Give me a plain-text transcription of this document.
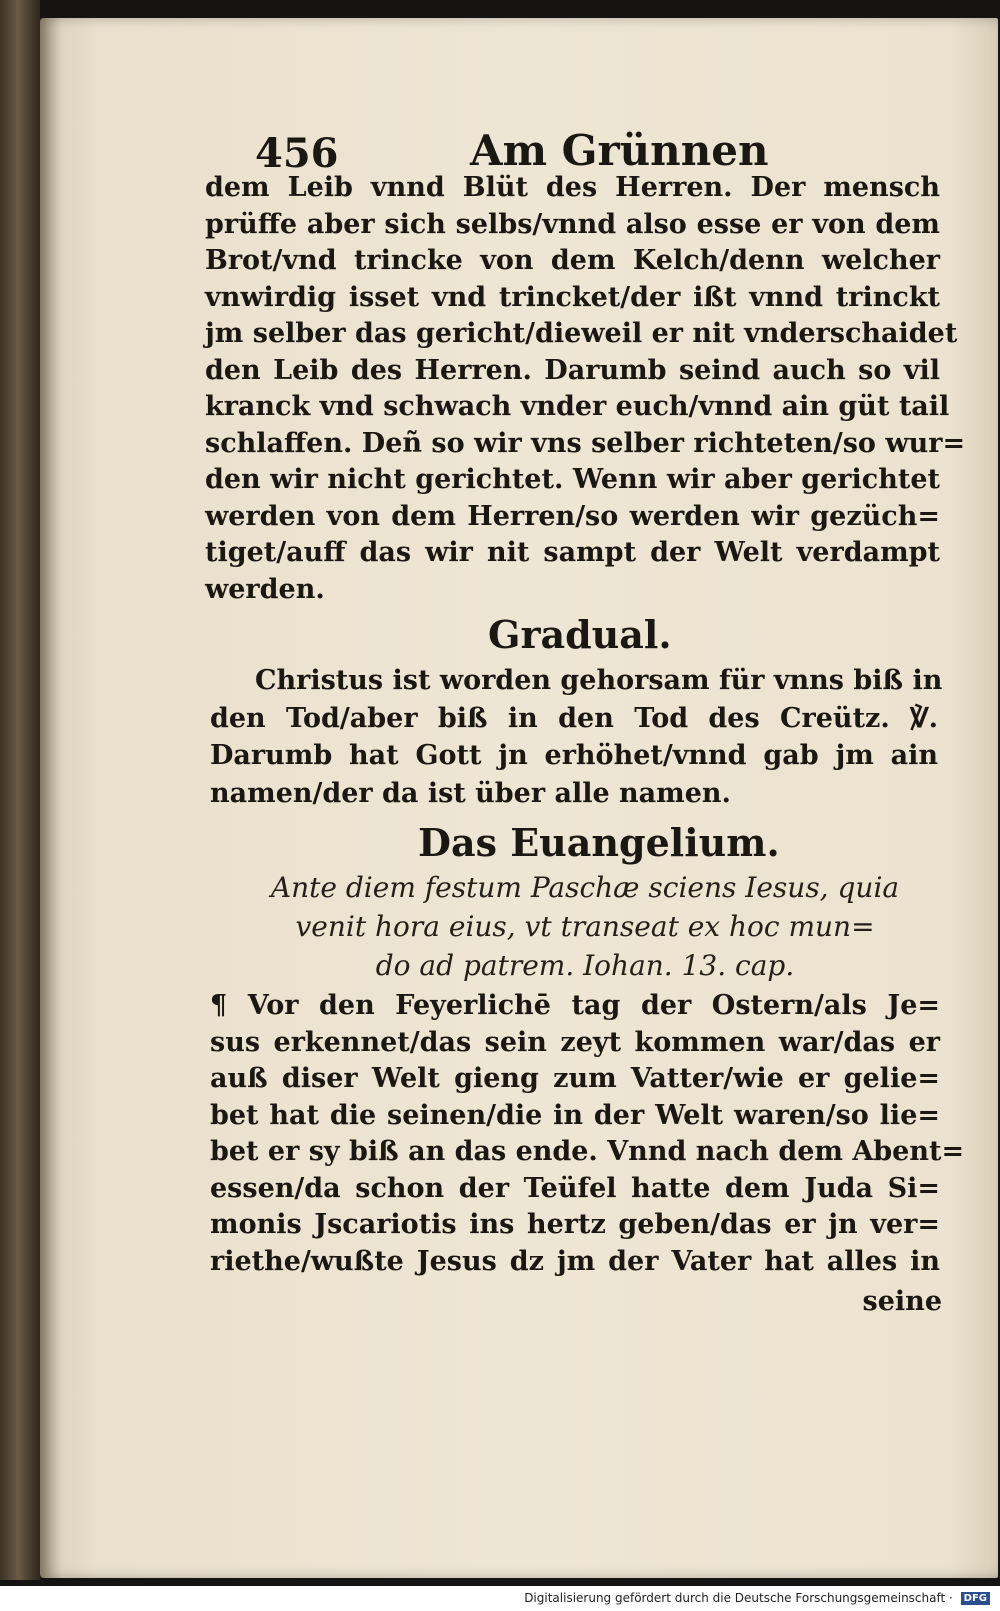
456	Am Grünnen

dem Leib vnnd Blüt des Herren. Der mensch
prüffe aber sich selbs/vnnd also esse er von dem
Brot/vnd trincke von dem Kelch/denn welcher
vnwirdig isset vnd trincket/der ißt vnnd trinckt
jm selber das gericht/dieweil er nit vnderschaidet
den Leib des Herren. Darumb seind auch so vil
kranck vnd schwach vnder euch/vnnd ain güt tail
schlaffen. Deñ so wir vns selber richteten/so wur=
den wir nicht gerichtet. Wenn wir aber gerichtet
werden von dem Herren/so werden wir gezüch=
tiget/auff das wir nit sampt der Welt verdampt
werden.
Gradual.
Christus ist worden gehorsam für vnns biß in
den Tod/aber biß in den Tod des Creütz. ℣.
Darumb hat Gott jn erhöhet/vnnd gab jm ain
namen/der da ist über alle namen.
Das Euangelium.
Ante diem festum Paschæ sciens Iesus, quia
venit hora eius, vt transeat ex hoc mun=
do ad patrem. Iohan. 13. cap.
¶ Vor den Feyerlichē tag der Ostern/als Je=
sus erkennet/das sein zeyt kommen war/das er
auß diser Welt gieng zum Vatter/wie er gelie=
bet hat die seinen/die in der Welt waren/so lie=
bet er sy biß an das ende. Vnnd nach dem Abent=
essen/da schon der Teüfel hatte dem Juda Si=
monis Jscariotis ins hertz geben/das er jn ver=
riethe/wußte Jesus dz jm der Vater hat alles in

seine

Digitalisierung gefördert durch die Deutsche Forschungsgemeinschaft · DFG
